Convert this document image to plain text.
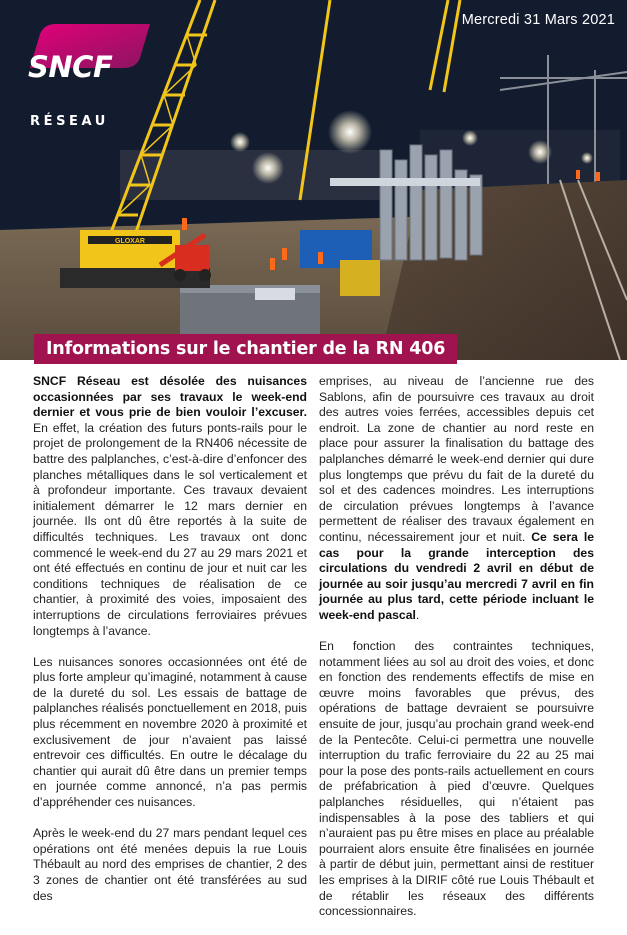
GLOXAR
Mercredi 31 Mars 2021
SNCF
RÉSEAU
Informations sur le chantier de la RN 406

SNCF Réseau est désolée des nuisances occasionnées par ses travaux le week-end dernier et vous prie de bien vouloir l’excuser. En effet, la création des futurs ponts-rails pour le projet de prolongement de la RN406 nécessite de battre des palplanches, c’est-à-dire d’enfoncer des planches métalliques dans le sol verticalement et à profondeur importante. Ces travaux devaient initialement démarrer le 12 mars dernier en journée. Ils ont dû être reportés à la suite de difficultés techniques. Les travaux ont donc commencé le week-end du 27 au 29 mars 2021 et ont été effectués en continu de jour et nuit car les conditions techniques de réalisation de ce chantier, à proximité des voies, imposaient des interruptions de circulations ferroviaires prévues longtemps à l’avance.

Les nuisances sonores occasionnées ont été de plus forte ampleur qu’imaginé, notamment à cause de la dureté du sol. Les essais de battage de palplanches réalisés ponctuellement en 2018, puis plus récemment en novembre 2020 à proximité et exclusivement de jour n’avaient pas laissé entrevoir ces difficultés. En outre le décalage du chantier qui aurait dû être dans un premier temps en journée comme annoncé, n’a pas permis d’appréhender ces nuisances.

Après le week-end du 27 mars pendant lequel ces opérations ont été menées depuis la rue Louis Thébault au nord des emprises de chantier, 2 des 3 zones de chantier ont été transférées au sud des

emprises, au niveau de l’ancienne rue des Sablons, afin de poursuivre ces travaux au droit des autres voies ferrées, accessibles depuis cet endroit. La zone de chantier au nord reste en place pour assurer la finalisation du battage des palplanches démarré le week-end dernier qui dure plus longtemps que prévu du fait de la dureté du sol et des cadences moindres. Les interruptions de circulation prévues longtemps à l’avance permettent de réaliser des travaux également en continu, nécessairement jour et nuit. Ce sera le cas pour la grande interception des circulations du vendredi 2 avril en début de journée au soir jusqu’au mercredi 7 avril en fin journée au plus tard, cette période incluant le week-end pascal.

En fonction des contraintes techniques, notamment liées au sol au droit des voies, et donc en fonction des rendements effectifs de mise en œuvre moins favorables que prévus, des opérations de battage devraient se poursuivre ensuite de jour, jusqu’au prochain grand week-end de la Pentecôte. Celui-ci permettra une nouvelle interruption du trafic ferroviaire du 22 au 25 mai pour la pose des ponts-rails actuellement en cours de préfabrication à pied d’œuvre. Quelques palplanches résiduelles, qui n’étaient pas indispensables à la pose des tabliers et qui n’auraient pas pu être mises en place au préalable pourraient alors ensuite être finalisées en journée à partir de début juin, permettant ainsi de restituer les emprises à la DIRIF côté rue Louis Thébault et de rétablir les réseaux des différents concessionnaires.
